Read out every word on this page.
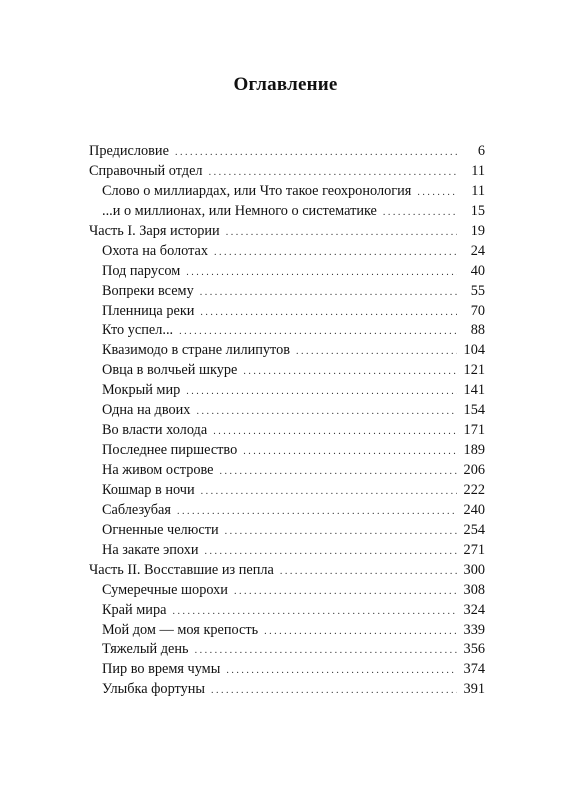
Оглавление
Предисловие . . .	6
Справочный отдел . . .	11
Слово о миллиардах, или Что такое геохронология . . .	11
...и о миллионах, или Немного о систематике . . .	15
Часть I. Заря истории . . .	19
Охота на болотах . . .	24
Под парусом . . .	40
Вопреки всему . . .	55
Пленница реки . . .	70
Кто успел... . . .	88
Квазимодо в стране лилипутов . . .	104
Овца в волчьей шкуре . . .	121
Мокрый мир . . .	141
Одна на двоих . . .	154
Во власти холода . . .	171
Последнее пиршество . . .	189
На живом острове . . .	206
Кошмар в ночи . . .	222
Саблезубая . . .	240
Огненные челюсти . . .	254
На закате эпохи . . .	271
Часть II. Восставшие из пепла . . .	300
Сумеречные шорохи . . .	308
Край мира . . .	324
Мой дом — моя крепость . . .	339
Тяжелый день . . .	356
Пир во время чумы . . .	374
Улыбка фортуны . . .	391
